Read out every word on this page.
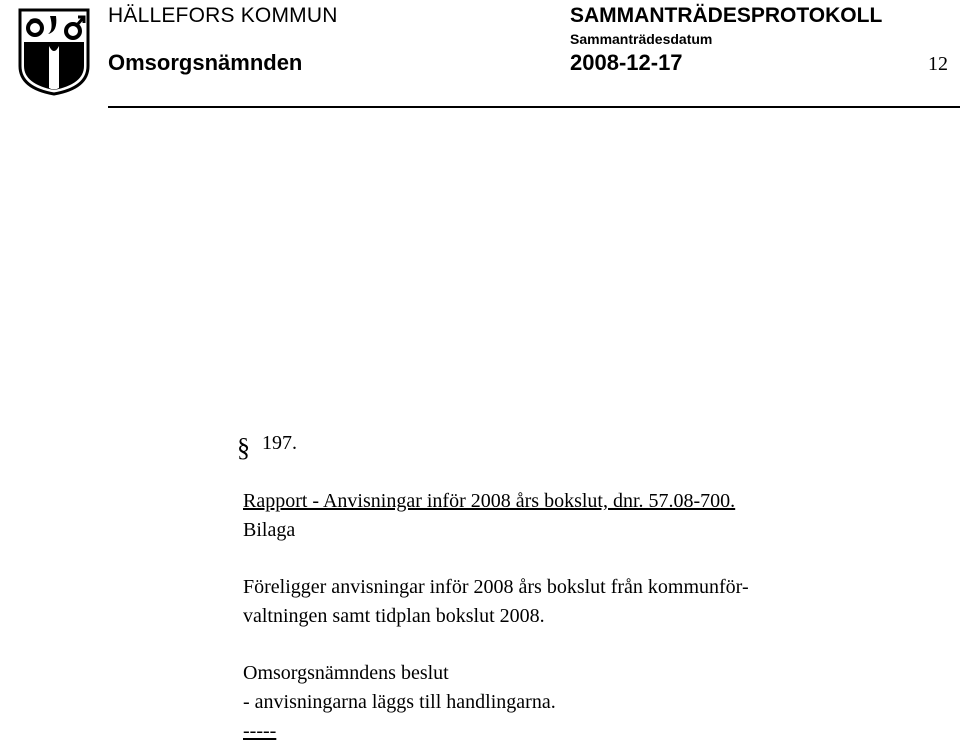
HÄLLEFORS KOMMUN
Omsorgsnämnden
SAMMANTRÄDESPROTOKOLL
Sammanträdesdatum
2008-12-17	12
§ 197.
Rapport - Anvisningar inför 2008 års bokslut, dnr. 57.08-700.
Bilaga
Föreligger anvisningar inför 2008 års bokslut från kommunför-
valtningen samt tidplan bokslut 2008.
Omsorgsnämndens beslut
- anvisningarna läggs till handlingarna.
-----
